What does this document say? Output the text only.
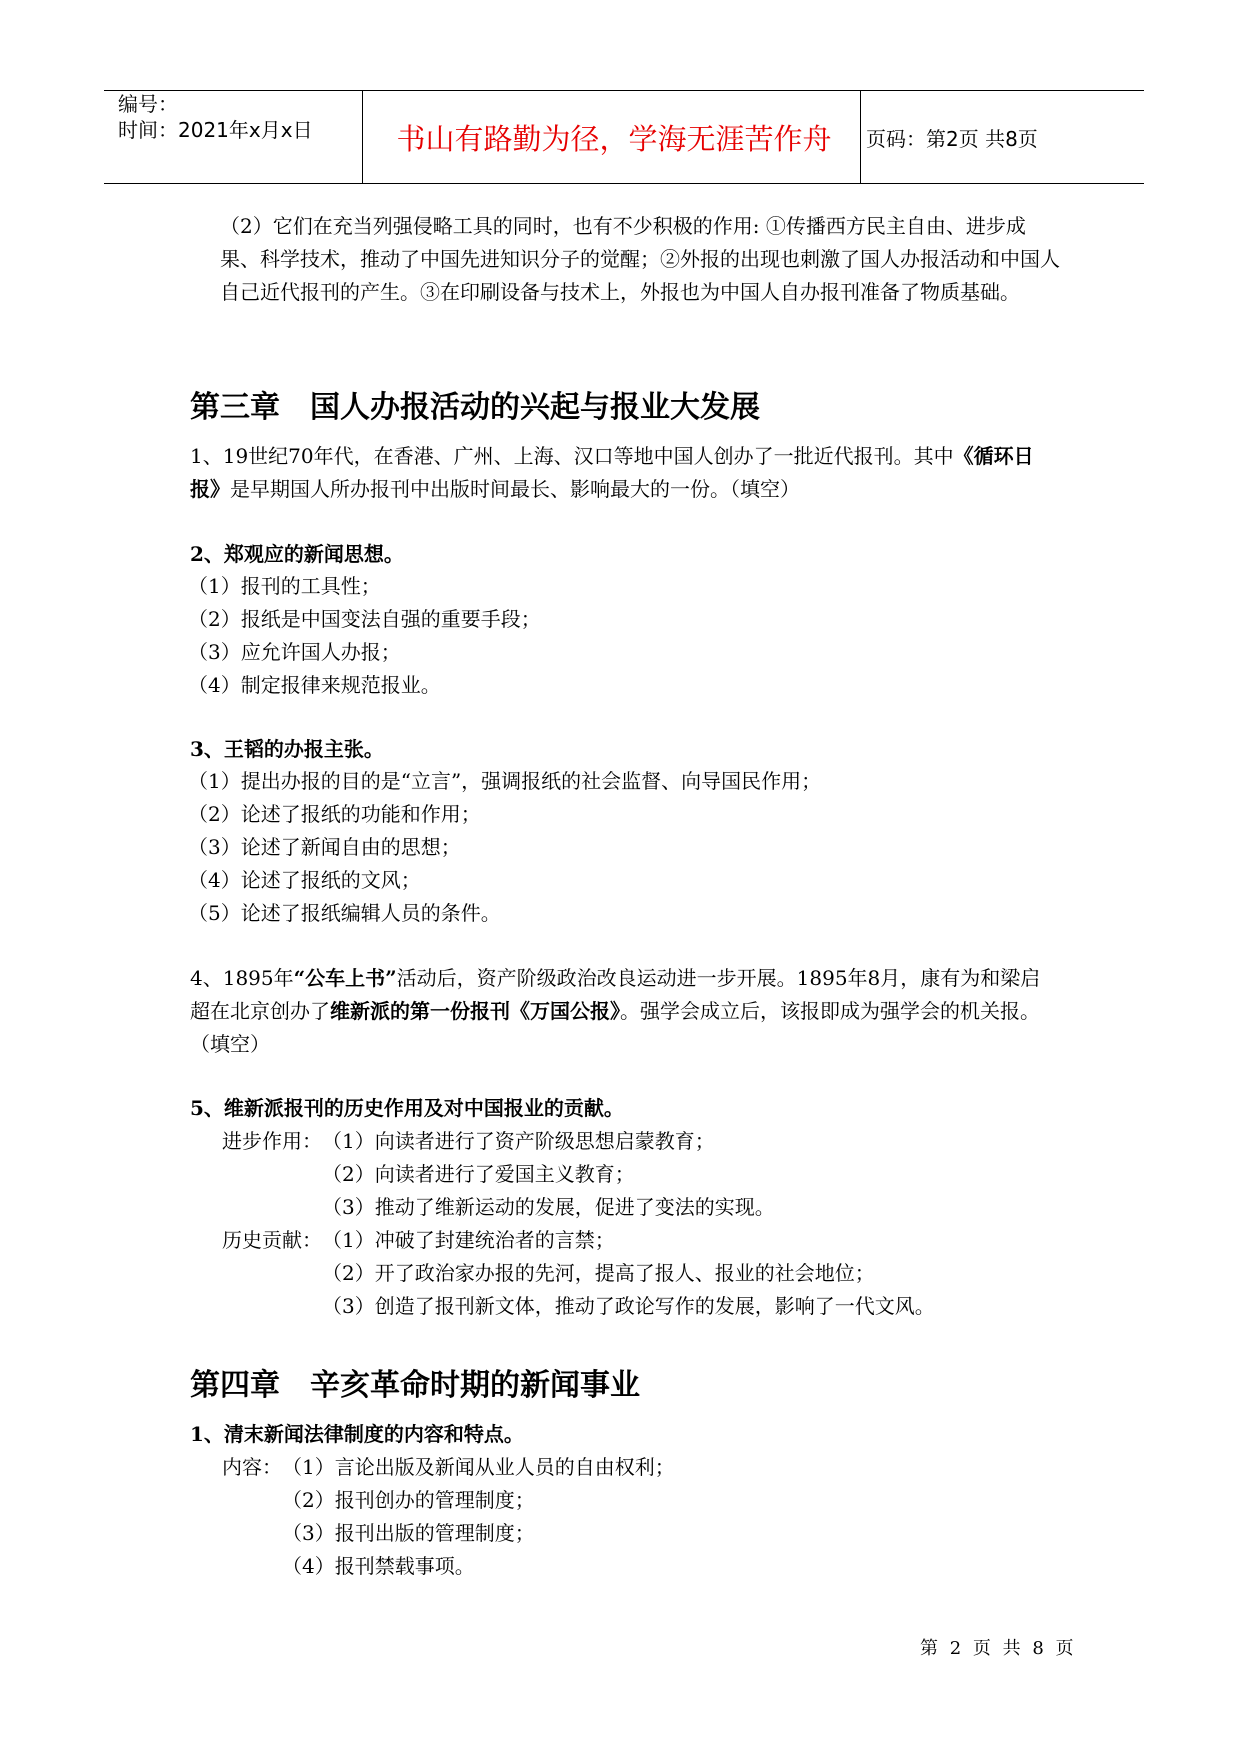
编号：
时间：2021年x月x日	书山有路勤为径，学海无涯苦作舟	页码：第2页 共8页
（2）它们在充当列强侵略工具的同时，也有不少积极的作用: ①传播西方民主自由、进步成果、科学技术，推动了中国先进知识分子的觉醒；②外报的出现也刺激了国人办报活动和中国人自己近代报刊的产生。③在印刷设备与技术上，外报也为中国人自办报刊准备了物质基础。
第三章　国人办报活动的兴起与报业大发展
1、19世纪70年代，在香港、广州、上海、汉口等地中国人创办了一批近代报刊。其中《循环日报》是早期国人所办报刊中出版时间最长、影响最大的一份。（填空）
2、郑观应的新闻思想。
（1）报刊的工具性；
（2）报纸是中国变法自强的重要手段；
（3）应允许国人办报；
（4）制定报律来规范报业。
3、王韬的办报主张。
（1）提出办报的目的是“立言”，强调报纸的社会监督、向导国民作用；
（2）论述了报纸的功能和作用；
（3）论述了新闻自由的思想；
（4）论述了报纸的文风；
（5）论述了报纸编辑人员的条件。
4、1895年“公车上书”活动后，资产阶级政治改良运动进一步开展。1895年8月，康有为和梁启超在北京创办了维新派的第一份报刊《万国公报》。强学会成立后，该报即成为强学会的机关报。　（填空）
5、维新派报刊的历史作用及对中国报业的贡献。
进步作用： （1）向读者进行了资产阶级思想启蒙教育；
（2）向读者进行了爱国主义教育；
（3）推动了维新运动的发展，促进了变法的实现。
历史贡献： （1）冲破了封建统治者的言禁；
（2）开了政治家办报的先河，提高了报人、报业的社会地位；
（3）创造了报刊新文体，推动了政论写作的发展，影响了一代文风。
第四章　辛亥革命时期的新闻事业
1、清末新闻法律制度的内容和特点。
内容： （1）言论出版及新闻从业人员的自由权利；
（2）报刊创办的管理制度；
（3）报刊出版的管理制度；
（4）报刊禁载事项。
第 2 页 共 8 页
